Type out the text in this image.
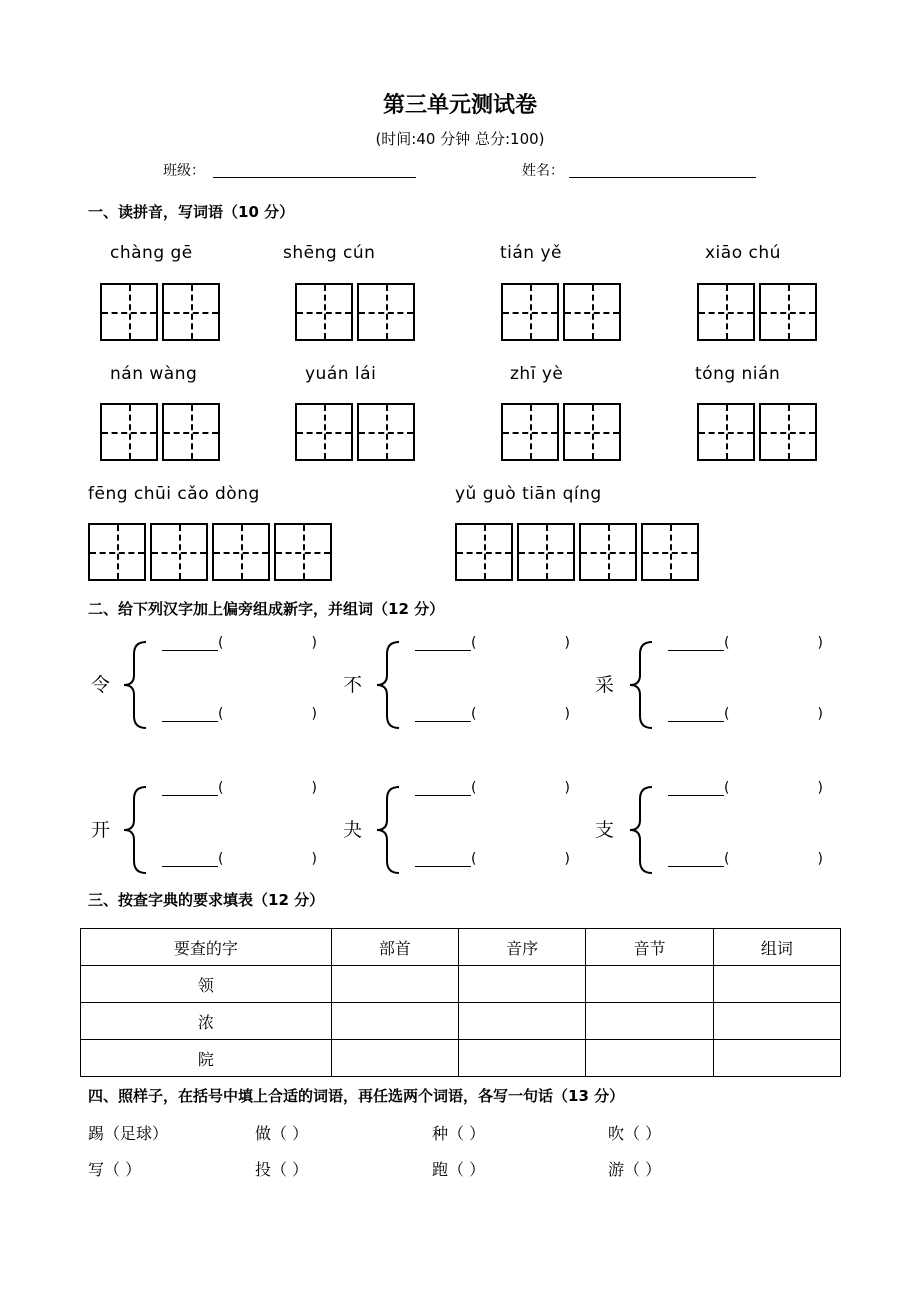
第三单元测试卷
(时间:40 分钟 总分:100)
班级：	姓名：
一、读拼音，写词语（10 分）
chàng gē	shēng cún	tián yě	xiāo chú
nán wàng	yuán lái	zhī yè	tóng nián
fēng chūi cǎo dòng	yǔ guò tiān qíng
二、给下列汉字加上偏旁组成新字，并组词（12 分）
令
(	)
(	)
不
(	)
(	)
采
(	)
(	)
开
(	)
(	)
夬
(	)
(	)
支
(	)
(	)
三、按查字典的要求填表（12 分）
要查的字	部首	音序	音节	组词
领				
浓				
院				
四、照样子，在括号中填上合适的词语，再任选两个词语，各写一句话（13 分）
踢（足球）	做（ ）	种（ ）	吹（ ）
写（ ）	投（ ）	跑（ ）	游（ ）
